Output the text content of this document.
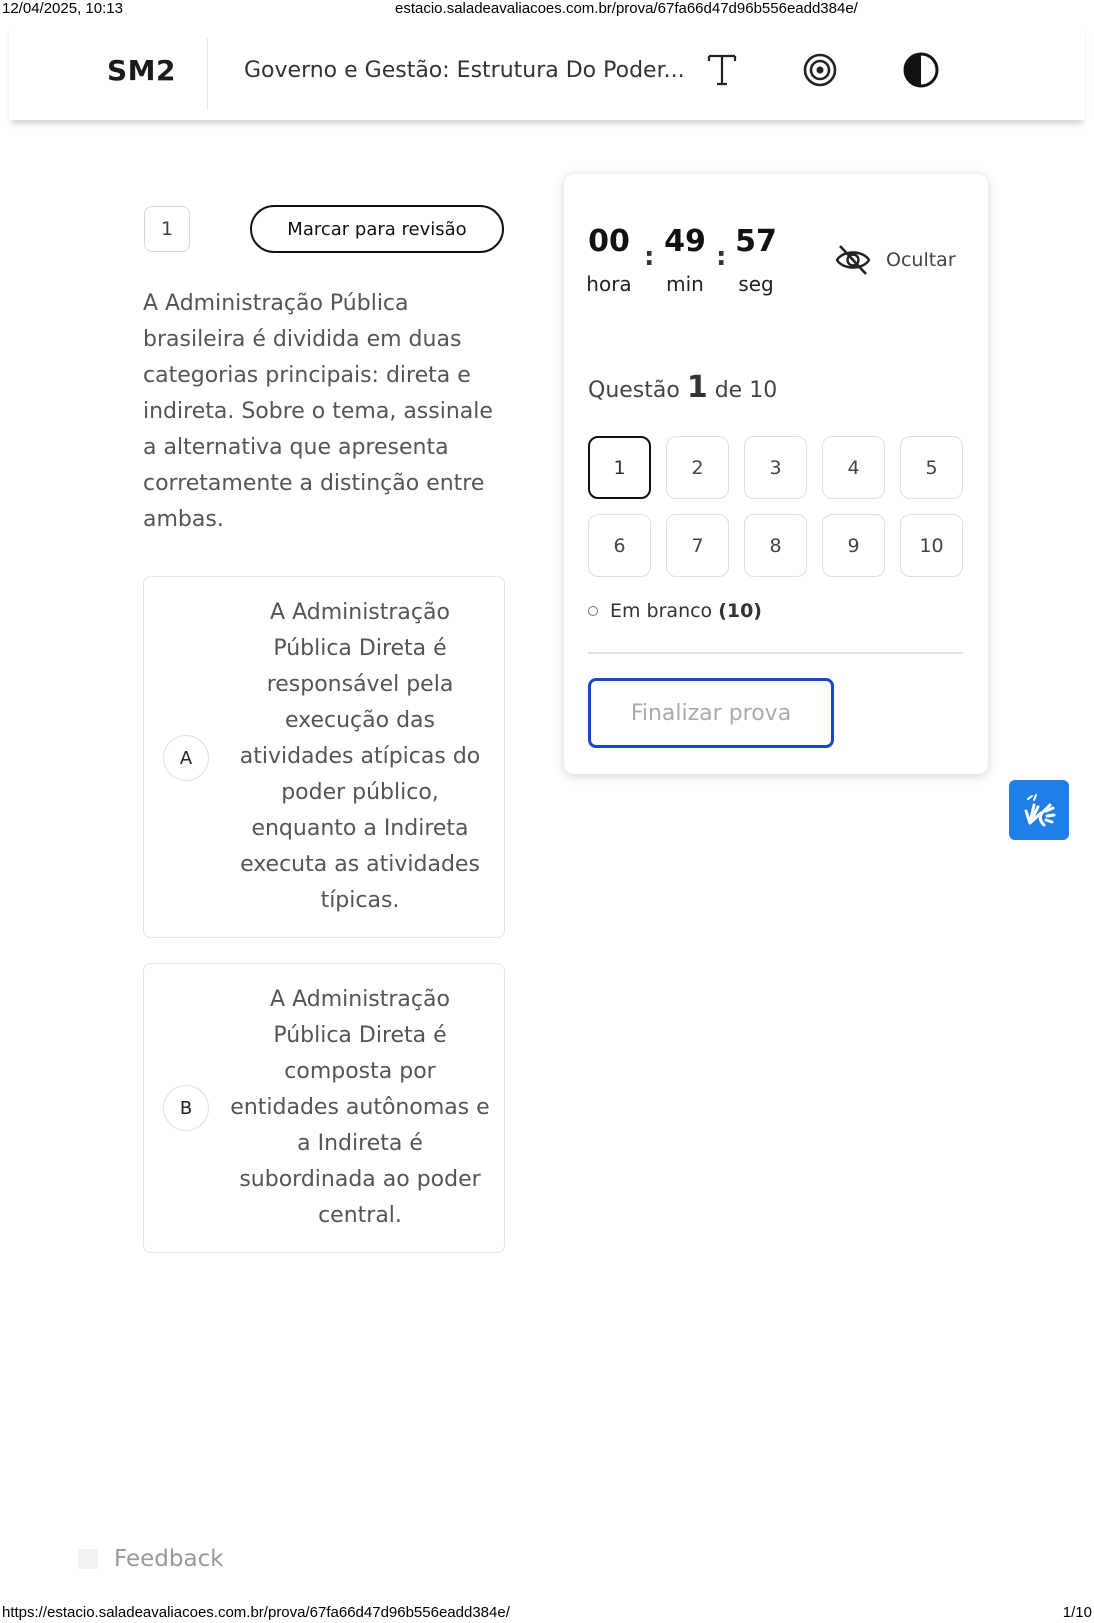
12/04/2025, 10:13	estacio.saladeavaliacoes.com.br/prova/67fa66d47d96b556eadd384e/
SM2	Governo e Gestão: Estrutura Do Poder...
1	Marcar para revisão
A Administração Pública brasileira é dividida em duas categorias principais: direta e indireta. Sobre o tema, assinale a alternativa que apresenta corretamente a distinção entre ambas.
A
A Administração Pública Direta é responsável pela execução das atividades atípicas do poder público, enquanto a Indireta executa as atividades típicas.
B
A Administração Pública Direta é composta por entidades autônomas e a Indireta é subordinada ao poder central.
00
hora
: 49
min
: 57
seg
Ocultar
Questão 1 de 10
1	2	3	4	5
6	7	8	9	10
Em branco (10)
Finalizar prova
Feedback
https://estacio.saladeavaliacoes.com.br/prova/67fa66d47d96b556eadd384e/	1/10
